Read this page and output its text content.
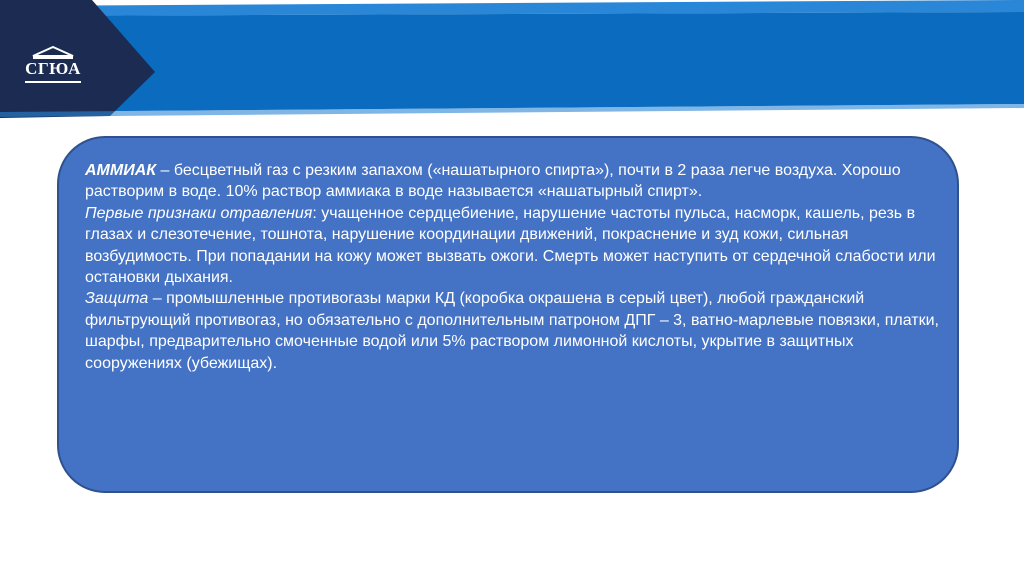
СГЮА

АММИАК – бесцветный газ с резким запахом («нашатырного спирта»), почти в 2 раза легче воздуха. Хорошо растворим в воде. 10% раствор аммиака в воде называется «нашатырный спирт».

Первые признаки отравления: учащенное сердцебиение, нарушение частоты пульса, насморк, кашель, резь в глазах и слезотечение, тошнота, нарушение координации движений, покраснение и зуд кожи, сильная возбудимость. При попадании на кожу может вызвать ожоги. Смерть может наступить от сердечной слабости или остановки дыхания.

Защита – промышленные противогазы марки КД (коробка окрашена в серый цвет), любой гражданский фильтрующий противогаз, но обязательно с дополнительным патроном ДПГ – 3, ватно-марлевые повязки, платки, шарфы, предварительно смоченные водой или 5% раствором лимонной кислоты, укрытие в защитных сооружениях (убежищах).
